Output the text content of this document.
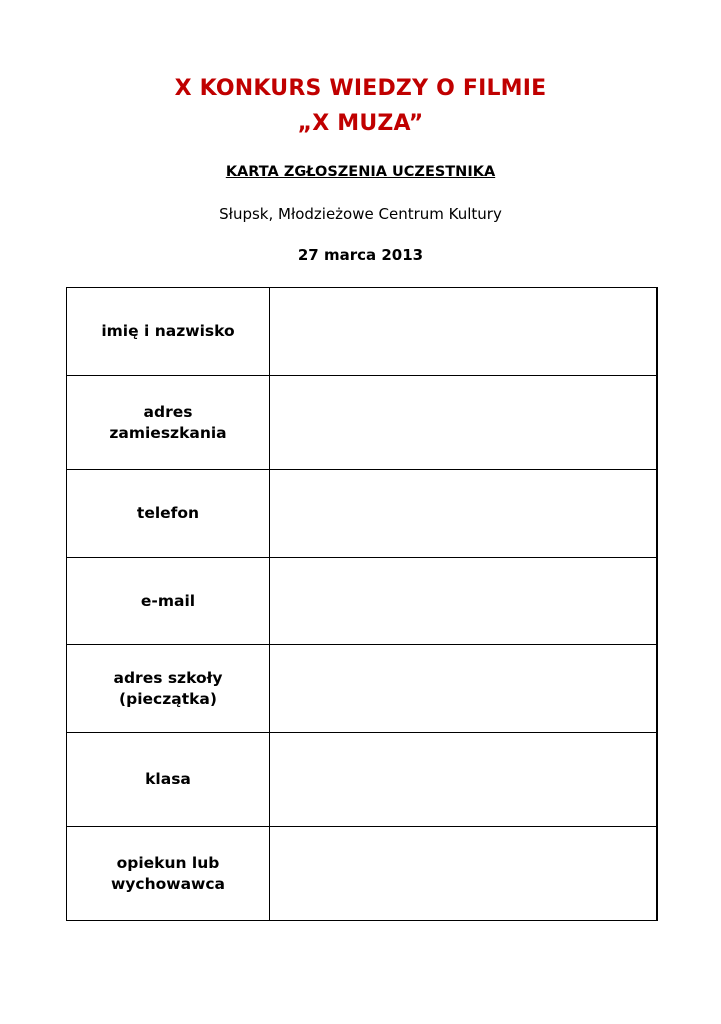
X KONKURS WIEDZY O FILMIE
„X MUZA”
KARTA ZGŁOSZENIA UCZESTNIKA
Słupsk, Młodzieżowe Centrum Kultury
27 marca 2013
imię i nazwisko	

adres
zamieszkania	

telefon	

e-mail	

adres szkoły
(pieczątka)	

klasa	

opiekun lub
wychowawca	
